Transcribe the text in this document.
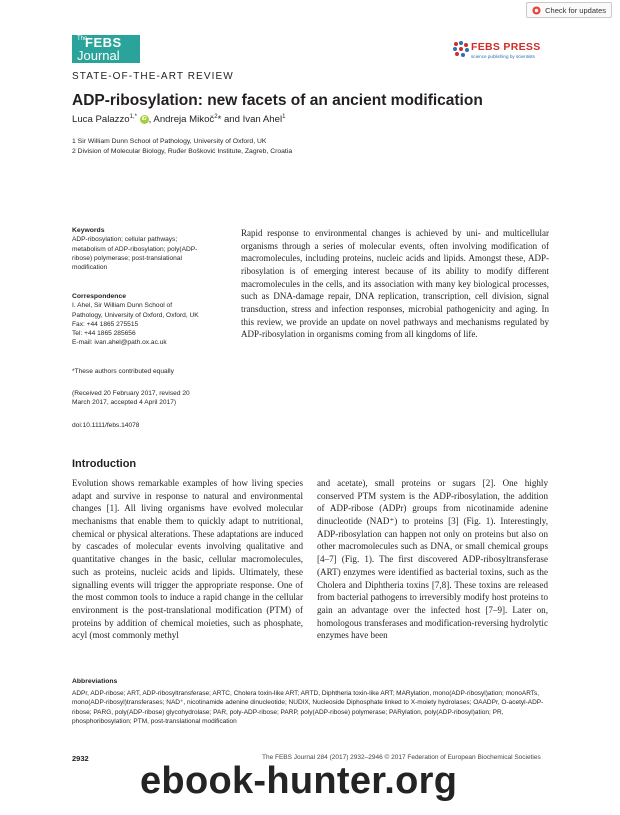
Check for updates
The
FEBS
Journal
FEBS PRESS
science publishing by scientists
STATE-OF-THE-ART REVIEW
ADP-ribosylation: new facets of an ancient modification
Luca Palazzo$^{1,*}$ iD , Andreja Mikoč$^2$* and Ivan Ahel$^1$
1 Sir William Dunn School of Pathology, University of Oxford, UK
2 Division of Molecular Biology, Ruđer Bošković Institute, Zagreb, Croatia
Keywords
ADP-ribosylation; cellular pathways;
metabolism of ADP-ribosylation; poly(ADP-
ribose) polymerase; post-translational
modification
Correspondence
I. Ahel, Sir William Dunn School of
Pathology, University of Oxford, Oxford, UK
Fax: +44 1865 275515
Tel: +44 1865 285656
E-mail: ivan.ahel@path.ox.ac.uk
*These authors contributed equally
(Received 20 February 2017, revised 20
March 2017, accepted 4 April 2017)
doi:10.1111/febs.14078
Rapid response to environmental changes is achieved by uni- and multicellular organisms through a series of molecular events, often involving modification of macromolecules, including proteins, nucleic acids and lipids. Amongst these, ADP-ribosylation is of emerging interest because of its ability to modify different macromolecules in the cells, and its association with many key biological processes, such as DNA-damage repair, DNA replication, transcription, cell division, signal transduction, stress and infection responses, microbial pathogenicity and aging. In this review, we provide an update on novel pathways and mechanisms regulated by ADP-ribosylation in organisms coming from all kingdoms of life.
Introduction
Evolution shows remarkable examples of how living species adapt and survive in response to natural and environmental changes [1]. All living organisms have evolved molecular mechanisms that enable them to quickly adapt to nutritional, chemical or physical alterations. These adaptations are induced by cascades of molecular events involving qualitative and quantitative changes in the basic, cellular macromolecules, such as proteins, nucleic acids and lipids. Ultimately, these signalling events will trigger the appropriate response. One of the most common tools to induce a rapid change in the cellular environment is the post-translational modification (PTM) of proteins by addition of chemical moieties, such as phosphate, acyl (most commonly methyl
and acetate), small proteins or sugars [2]. One highly conserved PTM system is the ADP-ribosylation, the addition of ADP-ribose (ADPr) groups from nicotinamide adenine dinucleotide (NAD⁺) to proteins [3] (Fig. 1). Interestingly, ADP-ribosylation can happen not only on proteins but also on other macromolecules such as DNA, or small chemical groups [4–7] (Fig. 1). The first discovered ADP-ribosyltransferase (ART) enzymes were identified as bacterial toxins, such as the Cholera and Diphtheria toxins [7,8]. These toxins are released from bacterial pathogens to irreversibly modify host proteins to gain an advantage over the infected host [7–9]. Later on, homologous transferases and modification-reversing hydrolytic enzymes have been
Abbreviations
ADPr, ADP-ribose; ART, ADP-ribosyltransferase; ARTC, Cholera toxin-like ART; ARTD, Diphtheria toxin-like ART; MARylation, mono(ADP-ribosyl)ation; monoARTs, mono(ADP-ribosyl)transferases; NAD⁺, nicotinamide adenine dinucleotide; NUDIX, Nucleoside Diphosphate linked to X-moiety hydrolases; OAADPr, O-acetyl-ADP-ribose; PARG, poly(ADP-ribose) glycohydrolase; PAR, poly-ADP-ribose; PARP, poly(ADP-ribose) polymerase; PARylation, poly(ADP-ribosyl)ation; PR, phosphoribosylation; PTM, post-translational modification
2932	The FEBS Journal 284 (2017) 2932–2946 © 2017 Federation of European Biochemical Societies
ebook-hunter.org
